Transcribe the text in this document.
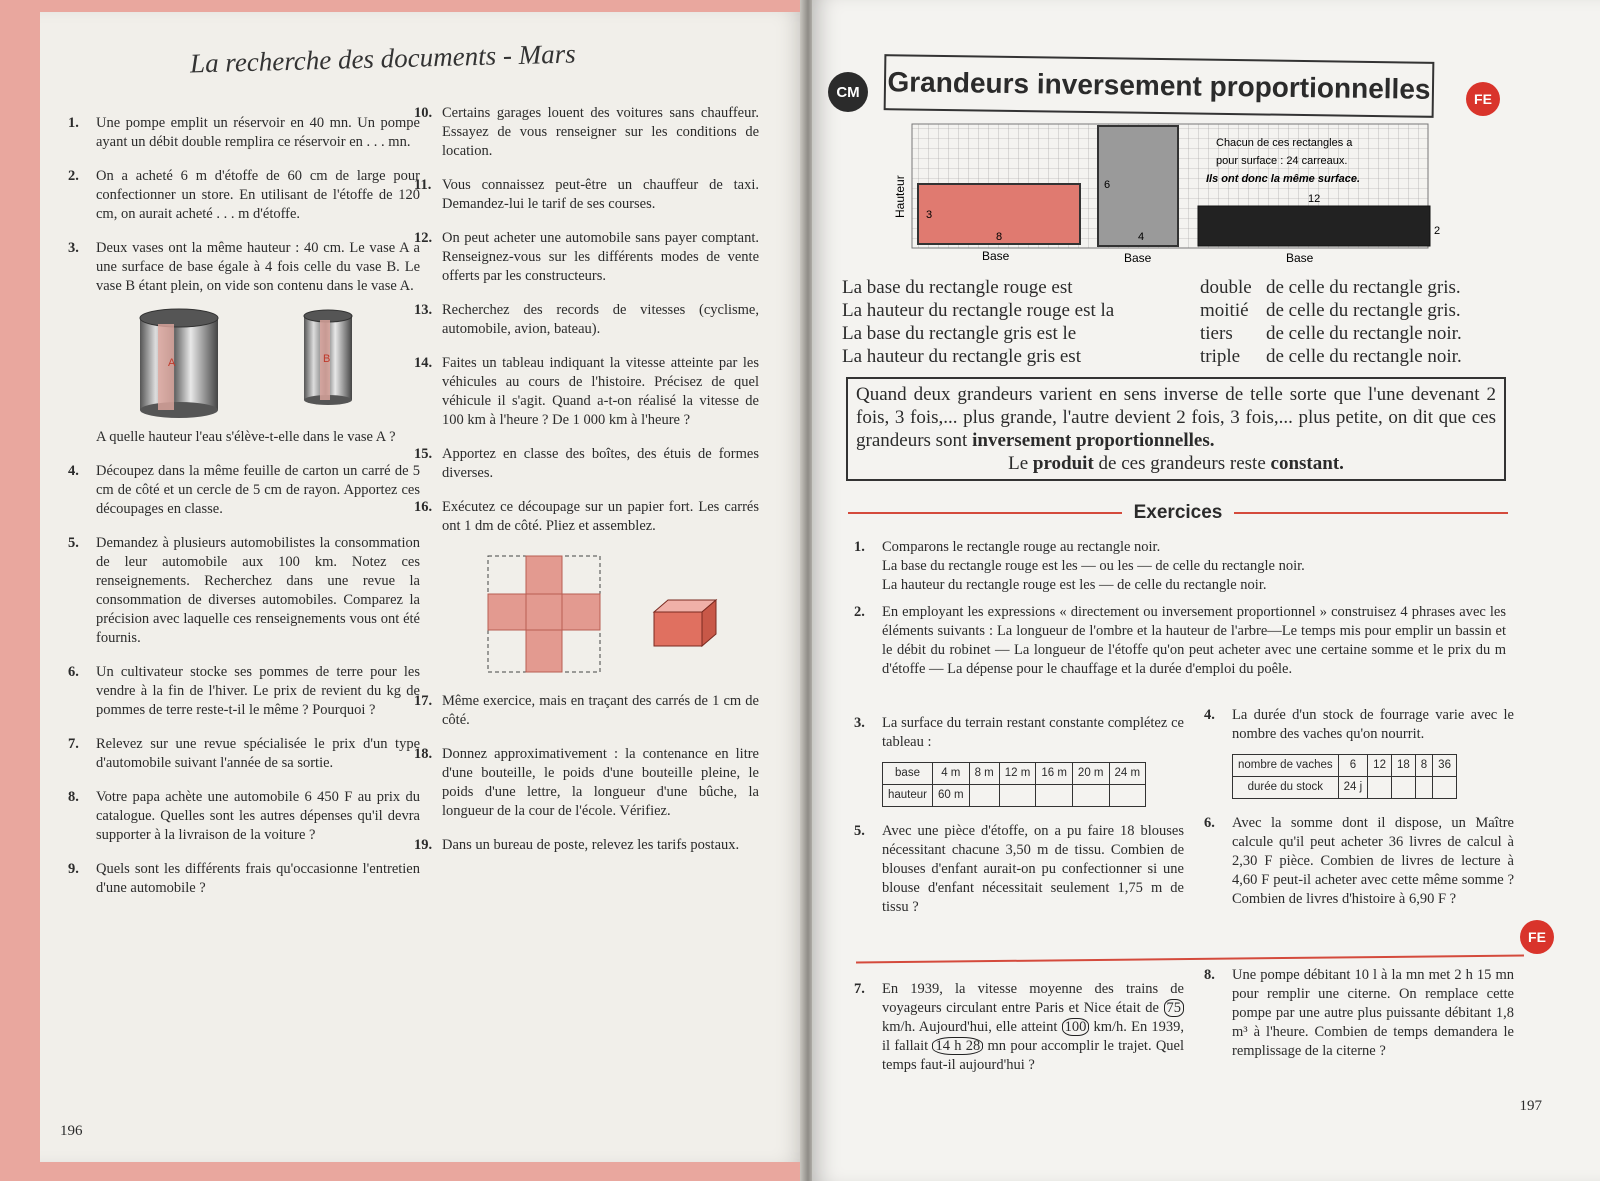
La recherche des documents - Mars
1. Une pompe emplit un réservoir en 40 mn. Un pompe ayant un débit double remplira ce réservoir en . . . mn.
2. On a acheté 6 m d'étoffe de 60 cm de large pour confectionner un store. En utilisant de l'étoffe de 120 cm, on aurait acheté . . . m d'étoffe.
3. Deux vases ont la même hauteur : 40 cm. Le vase A a une surface de base égale à 4 fois celle du vase B. Le vase B étant plein, on vide son contenu dans le vase A.
A	B
A quelle hauteur l'eau s'élève-t-elle dans le vase A ?
4. Découpez dans la même feuille de carton un carré de 5 cm de côté et un cercle de 5 cm de rayon. Apportez ces découpages en classe.
5. Demandez à plusieurs automobilistes la consommation de leur automobile aux 100 km. Notez ces renseignements. Recherchez dans une revue la consommation de diverses automobiles. Comparez la précision avec laquelle ces renseignements vous ont été fournis.
6. Un cultivateur stocke ses pommes de terre pour les vendre à la fin de l'hiver. Le prix de revient du kg de pommes de terre reste-t-il le même ? Pourquoi ?
7. Relevez sur une revue spécialisée le prix d'un type d'automobile suivant l'année de sa sortie.
8. Votre papa achète une automobile 6 450 F au prix du catalogue. Quelles sont les autres dépenses qu'il devra supporter à la livraison de la voiture ?
9. Quels sont les différents frais qu'occasionne l'entretien d'une automobile ?
10. Certains garages louent des voitures sans chauffeur. Essayez de vous renseigner sur les conditions de location.
11. Vous connaissez peut-être un chauffeur de taxi. Demandez-lui le tarif de ses courses.
12. On peut acheter une automobile sans payer comptant. Renseignez-vous sur les différents modes de vente offerts par les constructeurs.
13. Recherchez des records de vitesses (cyclisme, automobile, avion, bateau).
14. Faites un tableau indiquant la vitesse atteinte par les véhicules au cours de l'histoire. Précisez de quel véhicule il s'agit. Quand a-t-on réalisé la vitesse de 100 km à l'heure ? De 1 000 km à l'heure ?
15. Apportez en classe des boîtes, des étuis de formes diverses.
16. Exécutez ce découpage sur un papier fort. Les carrés ont 1 dm de côté. Pliez et assemblez.
17. Même exercice, mais en traçant des carrés de 1 cm de côté.
18. Donnez approximativement : la contenance en litre d'une bouteille, le poids d'une bouteille pleine, le poids d'une lettre, la longueur d'une bûche, la longueur de la cour de l'école. Vérifiez.
19. Dans un bureau de poste, relevez les tarifs postaux.
196
CM Grandeurs inversement proportionnelles	FE
Hauteur 3
8
Base
6
4
Base
12
2
Base
Chacun de ces rectangles a
pour surface : 24 carreaux.
Ils ont donc la même surface.
La base du rectangle rouge est	double de celle du rectangle gris.
La hauteur du rectangle rouge est la	moitié de celle du rectangle gris.
La base du rectangle gris est le	tiers	de celle du rectangle noir.
La hauteur du rectangle gris est	triple	de celle du rectangle noir.
Quand deux grandeurs varient en sens inverse de telle sorte que l'une devenant 2 fois, 3 fois,... plus grande, l'autre devient 2 fois, 3 fois,... plus petite, on dit que ces grandeurs sont inversement proportionnelles.

Le produit de ces grandeurs reste constant.
Exercices
1. Comparons le rectangle rouge au rectangle noir.
La base du rectangle rouge est les — ou les — de celle du rectangle noir.
La hauteur du rectangle rouge est les — de celle du rectangle noir.
2. En employant les expressions « directement ou inversement proportionnel » construisez 4 phrases avec les éléments suivants : La longueur de l'ombre et la hauteur de l'arbre—Le temps mis pour emplir un bassin et le débit du robinet — La longueur de l'étoffe qu'on peut acheter avec une certaine somme et le prix du m d'étoffe — La dépense pour le chauffage et la durée d'emploi du poêle.
3. La surface du terrain restant constante complétez ce tableau :
base	4 m	8 m	12 m	16 m	20 m	24 m
hauteur	60 m					
5. Avec une pièce d'étoffe, on a pu faire 18 blouses nécessitant chacune 3,50 m de tissu. Combien de blouses d'enfant aurait-on pu confectionner si une blouse d'enfant nécessitait seulement 1,75 m de tissu ?
4. La durée d'un stock de fourrage varie avec le nombre des vaches qu'on nourrit.
nombre de vaches	6	12	18	8	36
durée du stock	24 j				
6. Avec la somme dont il dispose, un Maître calcule qu'il peut acheter 36 livres de calcul à 2,30 F pièce. Combien de livres de lecture à 4,60 F peut-il acheter avec cette même somme ? Combien de livres d'histoire à 6,90 F ?
FE
7. En 1939, la vitesse moyenne des trains de voyageurs circulant entre Paris et Nice était de 75 km/h. Aujourd'hui, elle atteint 100 km/h. En 1939, il fallait 14 h 28 mn pour accomplir le trajet. Quel temps faut-il aujourd'hui ?
8. Une pompe débitant 10 l à la mn met 2 h 15 mn pour remplir une citerne. On remplace cette pompe par une autre plus puissante débitant 1,8 m³ à l'heure. Combien de temps demandera le remplissage de la citerne ?
197
